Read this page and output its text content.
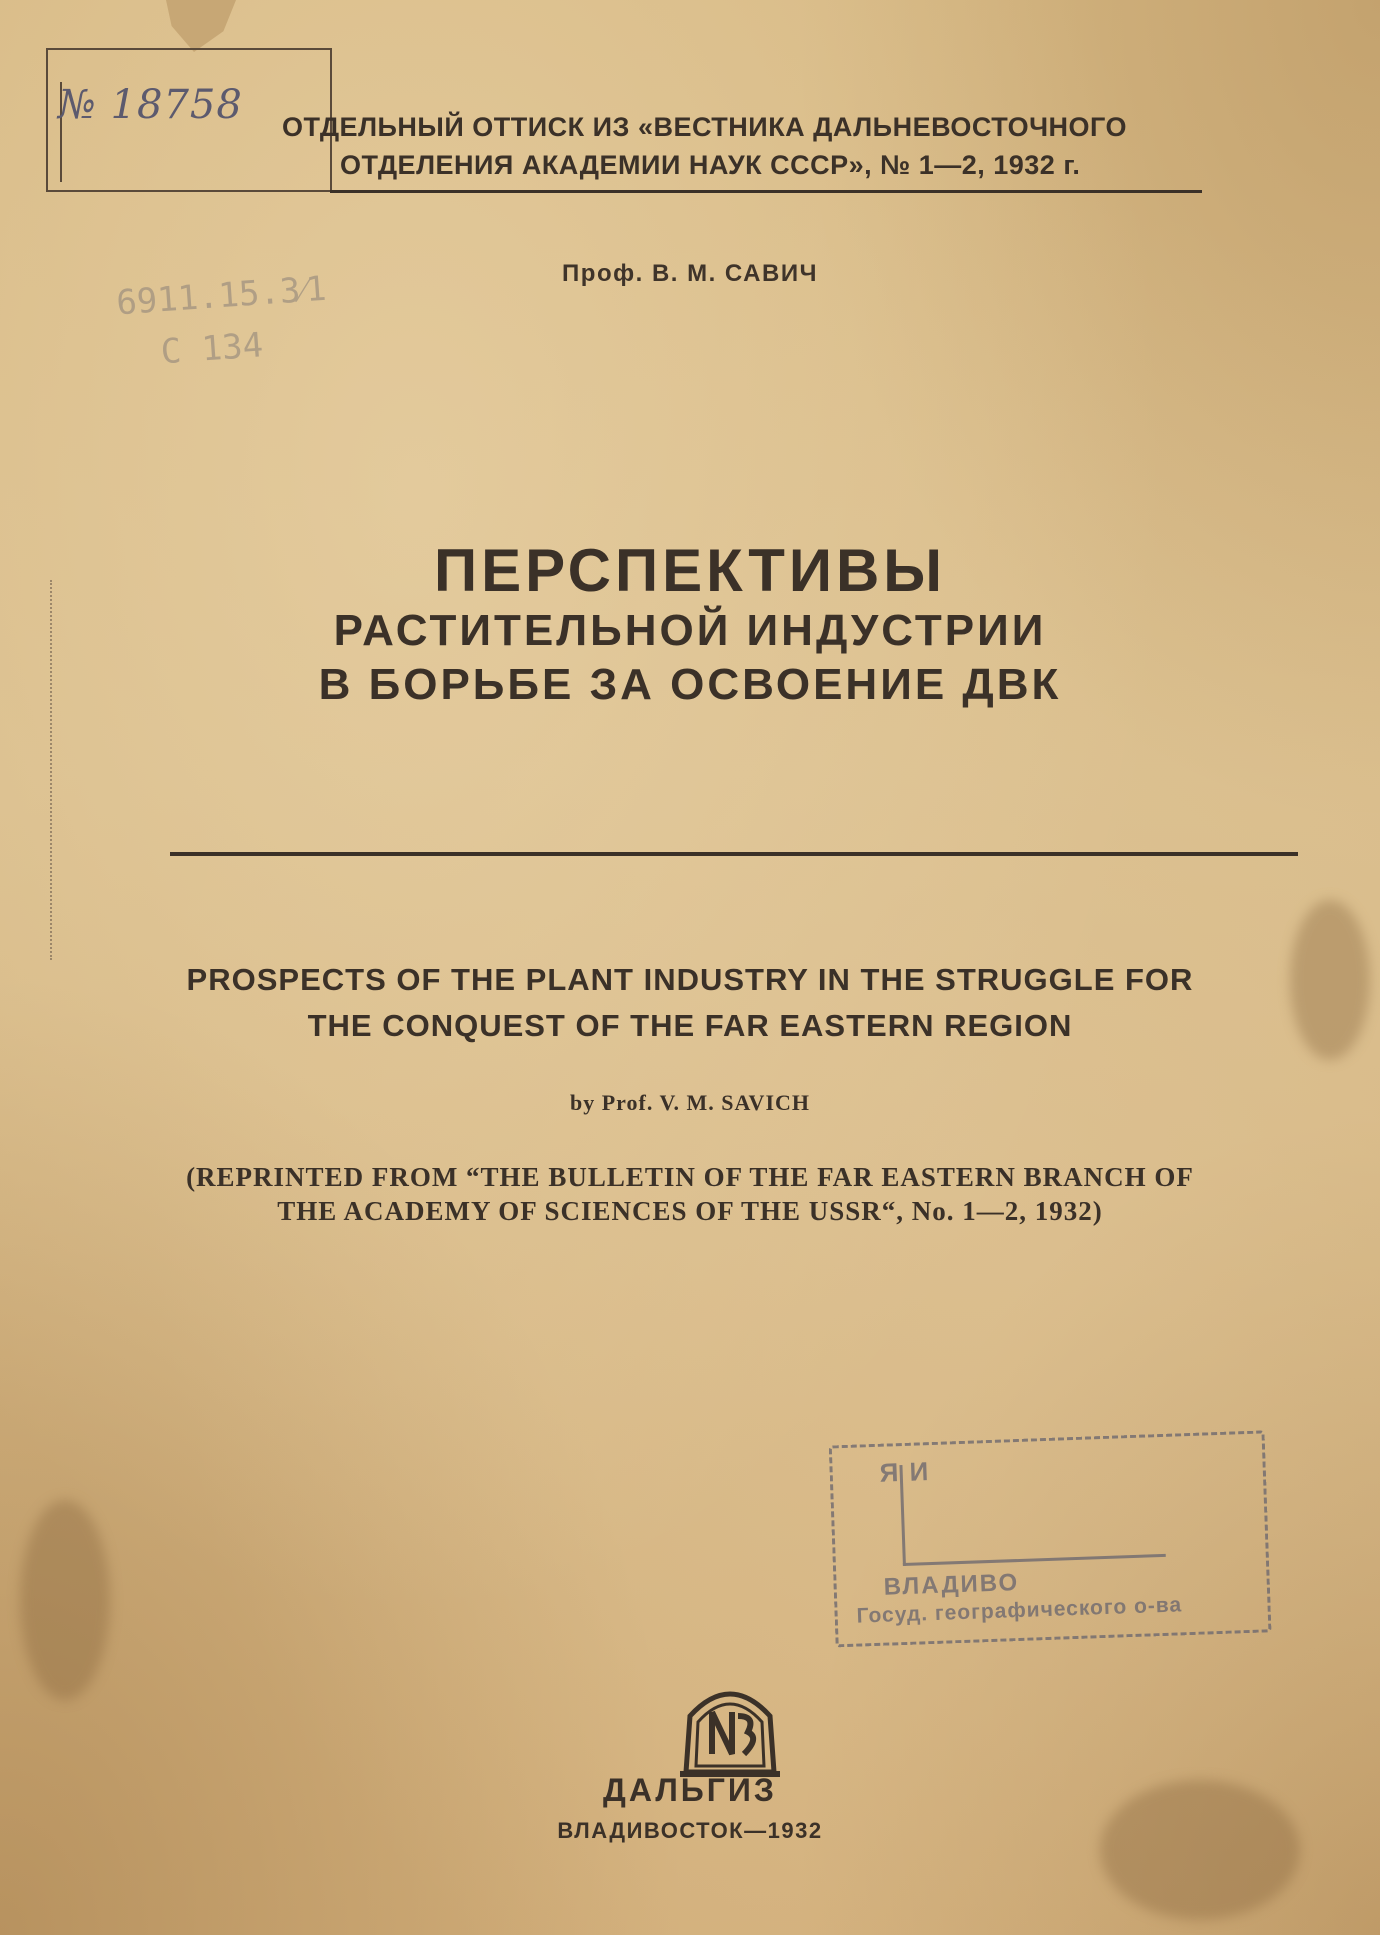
№ 18758
6911.15.3⁄1
C 134
ОТДЕЛЬНЫЙ ОТТИСК ИЗ «ВЕСТНИКА ДАЛЬНЕВОСТОЧНОГО
ОТДЕЛЕНИЯ АКАДЕМИИ НАУК СССР», № 1—2, 1932 г.
Проф. В. М. САВИЧ
ПЕРСПЕКТИВЫ
РАСТИТЕЛЬНОЙ ИНДУСТРИИ
В БОРЬБЕ ЗА ОСВОЕНИЕ ДВК
PROSPECTS OF THE PLANT INDUSTRY IN THE STRUGGLE FOR
THE CONQUEST OF THE FAR EASTERN REGION
by Prof. V. M. SAVICH
(REPRINTED FROM “THE BULLETIN OF THE FAR EASTERN BRANCH OF
THE ACADEMY OF SCIENCES OF THE USSR“, No. 1—2, 1932)
Я И
ВЛАДИВО
Госуд. географического о-ва
ДАЛЬГИЗ
ВЛАДИВОСТОК—1932
